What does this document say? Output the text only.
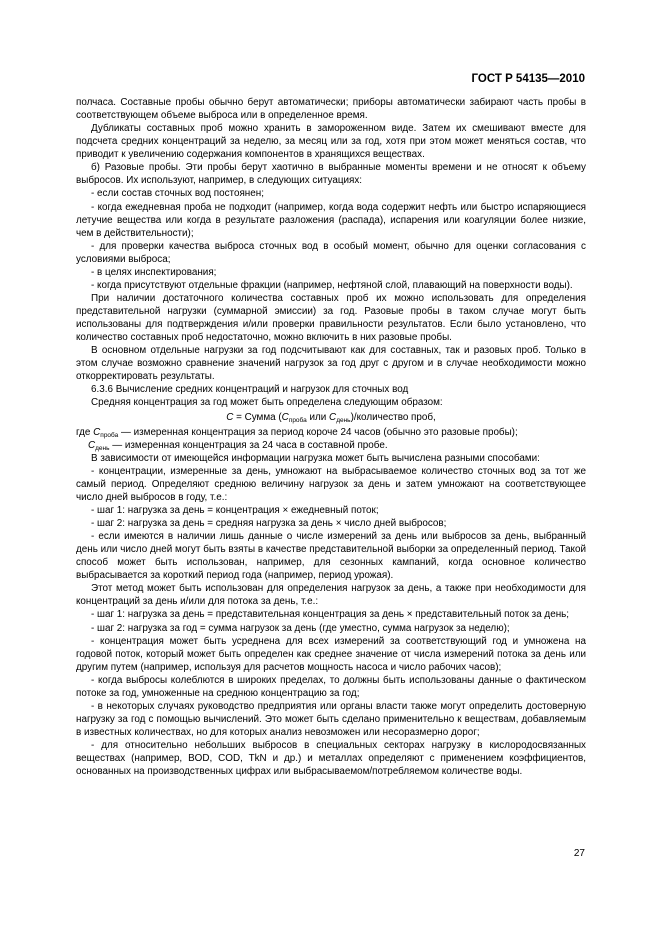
ГОСТ Р 54135—2010

полчаса. Составные пробы обычно берут автоматически; приборы автоматически забирают часть пробы в соответствующем объеме выброса или в определенное время.

Дубликаты составных проб можно хранить в замороженном виде. Затем их смешивают вместе для подсчета средних концентраций за неделю, за месяц или за год, хотя при этом может меняться состав, что приводит к увеличению содержания компонентов в хранящихся веществах.

б) Разовые пробы. Эти пробы берут хаотично в выбранные моменты времени и не относят к объему выбросов. Их используют, например, в следующих ситуациях:

- если состав сточных вод постоянен;

- когда ежедневная проба не подходит (например, когда вода содержит нефть или быстро испаряющиеся летучие вещества или когда в результате разложения (распада), испарения или коагуляции более низкие, чем в действительности);

- для проверки качества выброса сточных вод в особый момент, обычно для оценки согласования с условиями выброса;

- в целях инспектирования;

- когда присутствуют отдельные фракции (например, нефтяной слой, плавающий на поверхности воды).

При наличии достаточного количества составных проб их можно использовать для определения представительной нагрузки (суммарной эмиссии) за год. Разовые пробы в таком случае могут быть использованы для подтверждения и/или проверки правильности результатов. Если было установлено, что количество составных проб недостаточно, можно включить в них разовые пробы.

В основном отдельные нагрузки за год подсчитывают как для составных, так и разовых проб. Только в этом случае возможно сравнение значений нагрузок за год друг с другом и в случае необходимости можно откорректировать результаты.

6.3.6 Вычисление средних концентраций и нагрузок для сточных вод

Средняя концентрация за год может быть определена следующим образом:

C = Сумма ($C_{проба}$ или $C_{день}$)/количество проб,

где $C_{проба}$ — измеренная концентрация за период короче 24 часов (обычно это разовые пробы);

$C_{день}$ — измеренная концентрация за 24 часа в составной пробе.

В зависимости от имеющейся информации нагрузка может быть вычислена разными способами:

- концентрации, измеренные за день, умножают на выбрасываемое количество сточных вод за тот же самый период. Определяют среднюю величину нагрузок за день и затем умножают на соответствующее число дней выбросов в году, т.е.:

- шаг 1: нагрузка за день = концентрация × ежедневный поток;

- шаг 2: нагрузка за день = средняя нагрузка за день × число дней выбросов;

- если имеются в наличии лишь данные о числе измерений за день или выбросов за день, выбранный день или число дней могут быть взяты в качестве представительной выборки за определенный период. Такой способ может быть использован, например, для сезонных кампаний, когда основное количество выбрасывается за короткий период года (например, период урожая).

Этот метод может быть использован для определения нагрузок за день, а также при необходимости для концентраций за день и/или для потока за день, т.е.:

- шаг 1: нагрузка за день = представительная концентрация за день × представительный поток за день;

- шаг 2: нагрузка за год = сумма нагрузок за день (где уместно, сумма нагрузок за неделю);

- концентрация может быть усреднена для всех измерений за соответствующий год и умножена на годовой поток, который может быть определен как среднее значение от числа измерений потока за день или другим путем (например, используя для расчетов мощность насоса и число рабочих часов);

- когда выбросы колеблются в широких пределах, то должны быть использованы данные о фактическом потоке за год, умноженные на среднюю концентрацию за год;

- в некоторых случаях руководство предприятия или органы власти также могут определить достоверную нагрузку за год с помощью вычислений. Это может быть сделано применительно к веществам, добавляемым в известных количествах, но для которых анализ невозможен или несоразмерно дорог;

- для относительно небольших выбросов в специальных секторах нагрузку в кислородосвязанных веществах (например, BOD, COD, TkN и др.) и металлах определяют с применением коэффициентов, основанных на производственных цифрах или выбрасываемом/потребляемом количестве воды.

27
